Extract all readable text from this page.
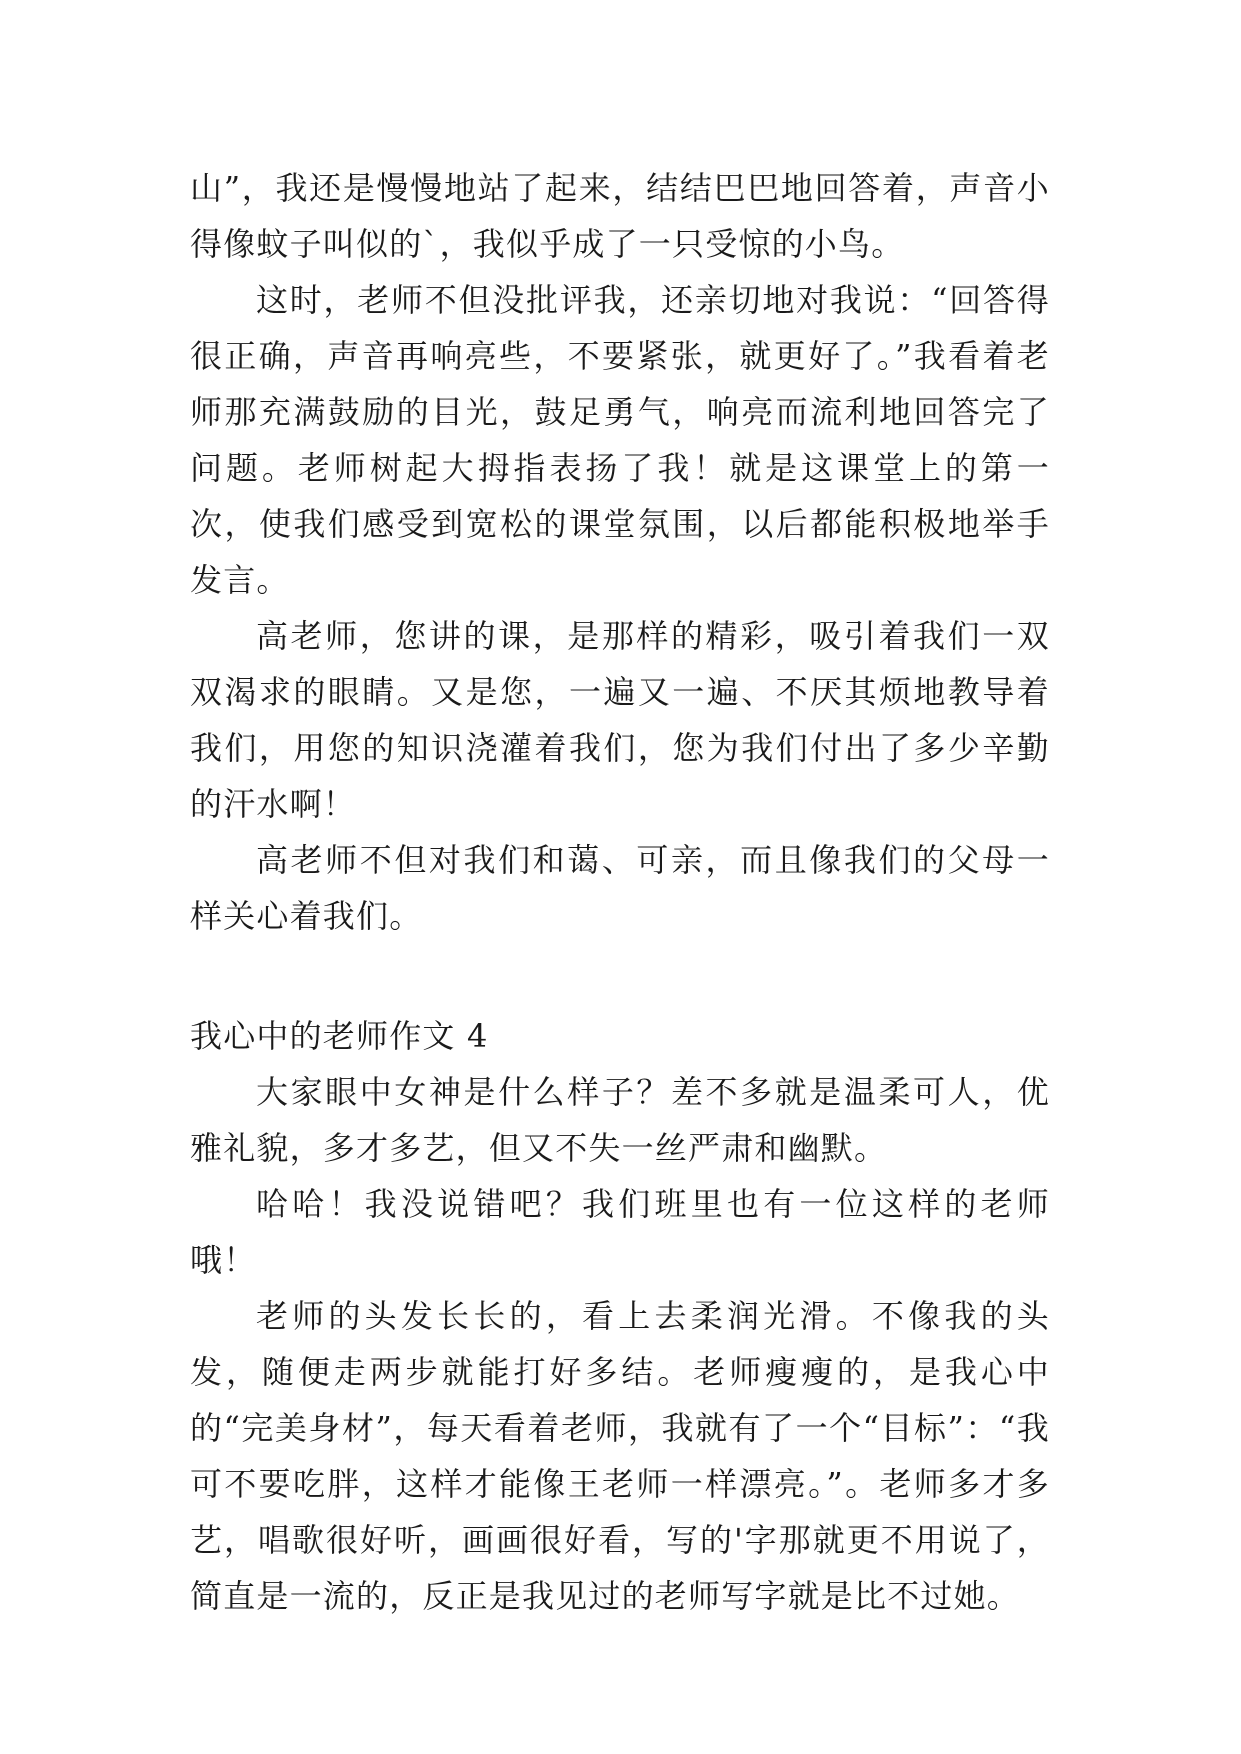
山”，我还是慢慢地站了起来，结结巴巴地回答着，声音小得像蚊子叫似的`，我似乎成了一只受惊的小鸟。

这时，老师不但没批评我，还亲切地对我说：“回答得很正确，声音再响亮些，不要紧张，就更好了。”我看着老师那充满鼓励的目光，鼓足勇气，响亮而流利地回答完了问题。老师树起大拇指表扬了我！就是这课堂上的第一次，使我们感受到宽松的课堂氛围，以后都能积极地举手发言。

高老师，您讲的课，是那样的精彩，吸引着我们一双双渴求的眼睛。又是您，一遍又一遍、不厌其烦地教导着我们，用您的知识浇灌着我们，您为我们付出了多少辛勤的汗水啊！

高老师不但对我们和蔼、可亲，而且像我们的父母一样关心着我们。

我心中的老师作文 4

大家眼中女神是什么样子？差不多就是温柔可人，优雅礼貌，多才多艺，但又不失一丝严肃和幽默。

哈哈！我没说错吧？我们班里也有一位这样的老师哦！

老师的头发长长的，看上去柔润光滑。不像我的头发，随便走两步就能打好多结。老师瘦瘦的，是我心中的“完美身材”，每天看着老师，我就有了一个“目标”：“我可不要吃胖，这样才能像王老师一样漂亮。”。老师多才多艺，唱歌很好听，画画很好看，写的'字那就更不用说了，简直是一流的，反正是我见过的老师写字就是比不过她。
